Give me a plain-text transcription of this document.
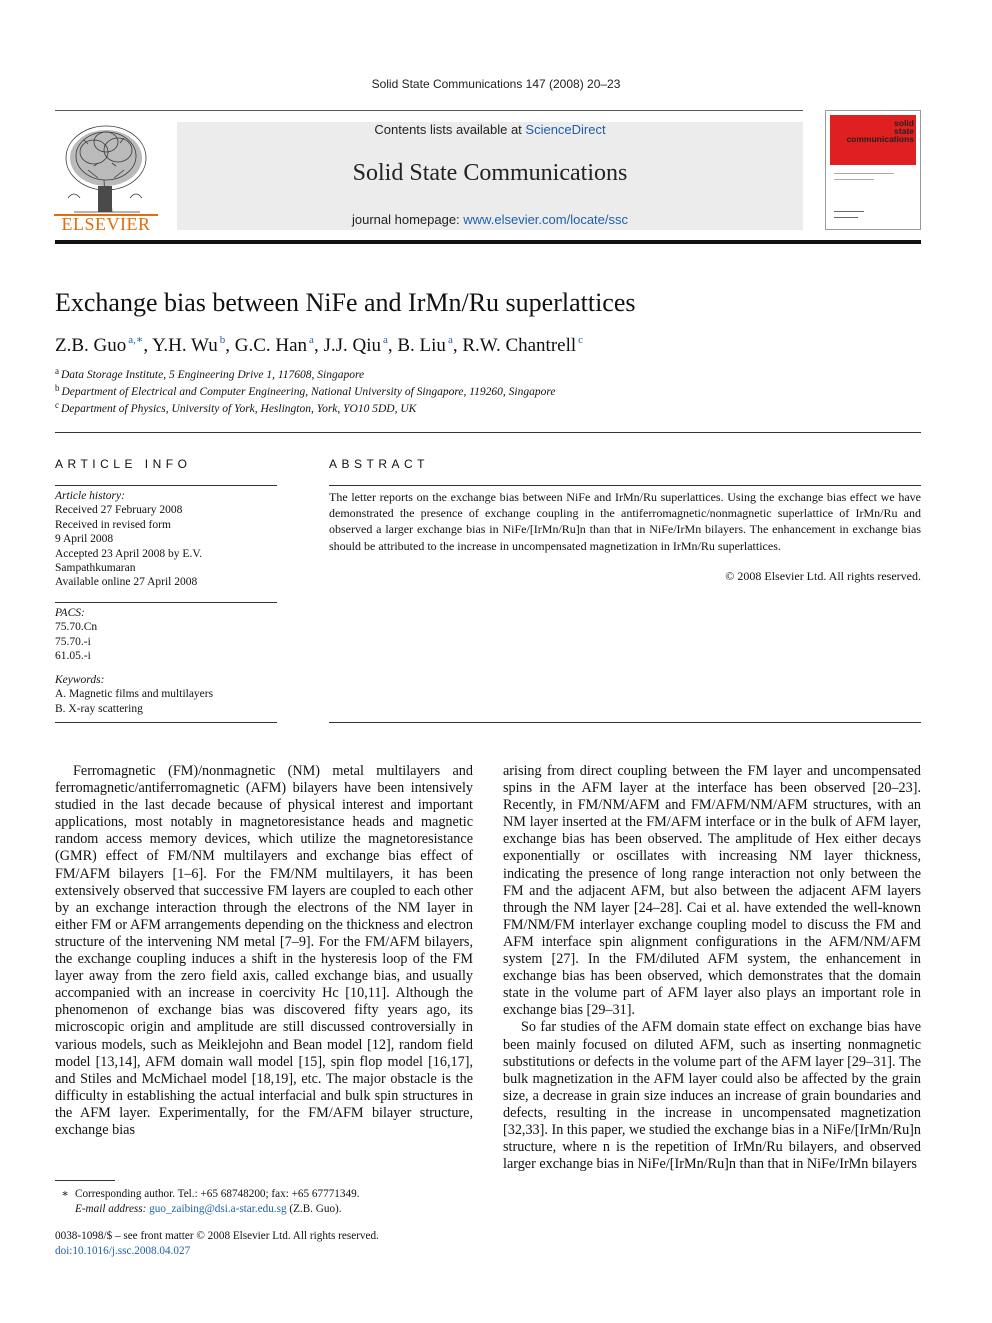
Solid State Communications 147 (2008) 20–23
ELSEVIER
Contents lists available at ScienceDirect
Solid State Communications
journal homepage: www.elsevier.com/locate/ssc
solid
state
communications
Exchange bias between NiFe and IrMn/Ru superlattices
Z.B. Guo $^{a,∗}$, Y.H. Wu $^b$, G.C. Han $^a$, J.J. Qiu $^a$, B. Liu $^a$, R.W. Chantrell $^c$
$^a$ Data Storage Institute, 5 Engineering Drive 1, 117608, Singapore
$^b$ Department of Electrical and Computer Engineering, National University of Singapore, 119260, Singapore
$^c$ Department of Physics, University of York, Heslington, York, YO10 5DD, UK
ARTICLE INFO
Article history:
Received 27 February 2008
Received in revised form
9 April 2008
Accepted 23 April 2008 by E.V.
Sampathkumaran
Available online 27 April 2008
PACS:
75.70.Cn
75.70.-i
61.05.-i
Keywords:
A. Magnetic films and multilayers
B. X-ray scattering
ABSTRACT
The letter reports on the exchange bias between NiFe and IrMn/Ru superlattices. Using the exchange bias effect we have demonstrated the presence of exchange coupling in the antiferromagnetic/nonmagnetic superlattice of IrMn/Ru and observed a larger exchange bias in NiFe/[IrMn/Ru]n than that in NiFe/IrMn bilayers. The enhancement in exchange bias should be attributed to the increase in uncompensated magnetization in IrMn/Ru superlattices.
© 2008 Elsevier Ltd. All rights reserved.

Ferromagnetic (FM)/nonmagnetic (NM) metal multilayers and ferromagnetic/antiferromagnetic (AFM) bilayers have been intensively studied in the last decade because of physical interest and important applications, most notably in magnetoresistance heads and magnetic random access memory devices, which utilize the magnetoresistance (GMR) effect of FM/NM multilayers and exchange bias effect of FM/AFM bilayers [1–6]. For the FM/NM multilayers, it has been extensively observed that successive FM layers are coupled to each other by an exchange interaction through the electrons of the NM layer in either FM or AFM arrangements depending on the thickness and electron structure of the intervening NM metal [7–9]. For the FM/AFM bilayers, the exchange coupling induces a shift in the hysteresis loop of the FM layer away from the zero field axis, called exchange bias, and usually accompanied with an increase in coercivity Hc [10,11]. Although the phenomenon of exchange bias was discovered fifty years ago, its microscopic origin and amplitude are still discussed controversially in various models, such as Meiklejohn and Bean model [12], random field model [13,14], AFM domain wall model [15], spin flop model [16,17], and Stiles and McMichael model [18,19], etc. The major obstacle is the difficulty in establishing the actual interfacial and bulk spin structures in the AFM layer. Experimentally, for the FM/AFM bilayer structure, exchange bias

arising from direct coupling between the FM layer and uncompensated spins in the AFM layer at the interface has been observed [20–23]. Recently, in FM/NM/AFM and FM/AFM/NM/AFM structures, with an NM layer inserted at the FM/AFM interface or in the bulk of AFM layer, exchange bias has been observed. The amplitude of Hex either decays exponentially or oscillates with increasing NM layer thickness, indicating the presence of long range interaction not only between the FM and the adjacent AFM, but also between the adjacent AFM layers through the NM layer [24–28]. Cai et al. have extended the well-known FM/NM/FM interlayer exchange coupling model to discuss the FM and AFM interface spin alignment configurations in the AFM/NM/AFM system [27]. In the FM/diluted AFM system, the enhancement in exchange bias has been observed, which demonstrates that the domain state in the volume part of AFM layer also plays an important role in exchange bias [29–31].

So far studies of the AFM domain state effect on exchange bias have been mainly focused on diluted AFM, such as inserting nonmagnetic substitutions or defects in the volume part of the AFM layer [29–31]. The bulk magnetization in the AFM layer could also be affected by the grain size, a decrease in grain size induces an increase of grain boundaries and defects, resulting in the increase in uncompensated magnetization [32,33]. In this paper, we studied the exchange bias in a NiFe/[IrMn/Ru]n structure, where n is the repetition of IrMn/Ru bilayers, and observed larger exchange bias in NiFe/[IrMn/Ru]n than that in NiFe/IrMn bilayers

∗ Corresponding author. Tel.: +65 68748200; fax: +65 67771349.
E-mail address: guo_zaibing@dsi.a-star.edu.sg (Z.B. Guo).
0038-1098/$ – see front matter © 2008 Elsevier Ltd. All rights reserved.
doi:10.1016/j.ssc.2008.04.027
